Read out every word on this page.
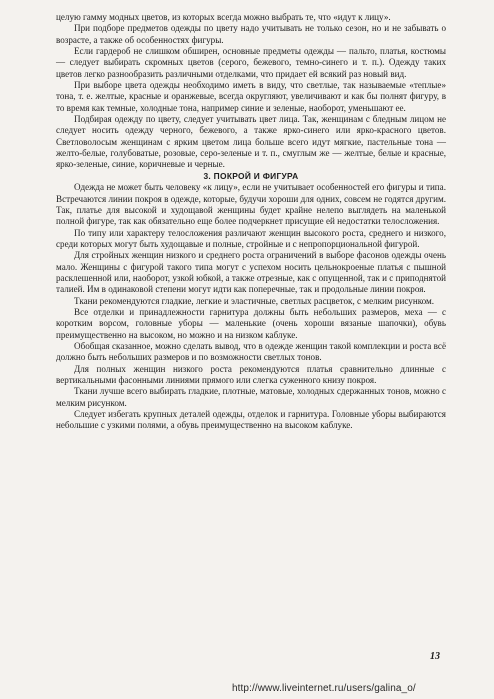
целую гамму модных цветов, из которых всегда можно выбрать те, что «идут к лицу».

При подборе предметов одежды по цвету надо учитывать не только сезон, но и не забывать о возрасте, а также об особенностях фигуры.

Если гардероб не слишком обширен, основные предметы одежды — пальто, платья, костюмы — следует выбирать скромных цветов (серого, бежевого, темно-синего и т. п.). Одежду таких цветов легко разнообразить различными отделками, что придает ей всякий раз новый вид.

При выборе цвета одежды необходимо иметь в виду, что светлые, так называемые «теплые» тона, т. е. желтые, красные и оранжевые, всегда округляют, увеличивают и как бы полнят фигуру, в то время как темные, холодные тона, например синие и зеленые, наоборот, уменьшают ее.

Подбирая одежду по цвету, следует учитывать цвет лица. Так, женщинам с бледным лицом не следует носить одежду черного, бежевого, а также ярко-синего или ярко-красного цветов. Светловолосым женщинам с ярким цветом лица больше всего идут мягкие, пастельные тона — желто-белые, голубоватые, розовые, серо-зеленые и т. п., смуглым же — желтые, белые и красные, ярко-зеленые, синие, коричневые и черные.

3. ПОКРОЙ И ФИГУРА

Одежда не может быть человеку «к лицу», если не учитывает особенностей его фигуры и типа. Встречаются линии покроя в одежде, которые, будучи хороши для одних, совсем не годятся другим. Так, платье для высокой и худощавой женщины будет крайне нелепо выглядеть на маленькой полной фигуре, так как обязательно еще более подчеркнет присущие ей недостатки телосложения.

По типу или характеру телосложения различают женщин высокого роста, среднего и низкого, среди которых могут быть худощавые и полные, стройные и с непропорциональной фигурой.

Для стройных женщин низкого и среднего роста ограничений в выборе фасонов одежды очень мало. Женщины с фигурой такого типа могут с успехом носить цельнокроеные платья с пышной расклешенной или, наоборот, узкой юбкой, а также отрезные, как с опущенной, так и с приподнятой талией. Им в одинаковой степени могут идти как поперечные, так и продольные линии покроя.

Ткани рекомендуются гладкие, легкие и эластичные, светлых расцветок, с мелким рисунком.

Все отделки и принадлежности гарнитура должны быть небольших размеров, меха — с коротким ворсом, головные уборы — маленькие (очень хороши вязаные шапочки), обувь преимущественно на высоком, но можно и на низком каблуке.

Обобщая сказанное, можно сделать вывод, что в одежде женщин такой комплекции и роста всё должно быть небольших размеров и по возможности светлых тонов.

Для полных женщин низкого роста рекомендуются платья сравнительно длинные с вертикальными фасонными линиями прямого или слегка суженного книзу покроя.

Ткани лучше всего выбирать гладкие, плотные, матовые, холодных сдержанных тонов, можно с мелким рисунком.

Следует избегать крупных деталей одежды, отделок и гарнитура. Головные уборы выбираются небольшие с узкими полями, а обувь преимущественно на высоком каблуке.

13
http://www.liveinternet.ru/users/galina_o/
